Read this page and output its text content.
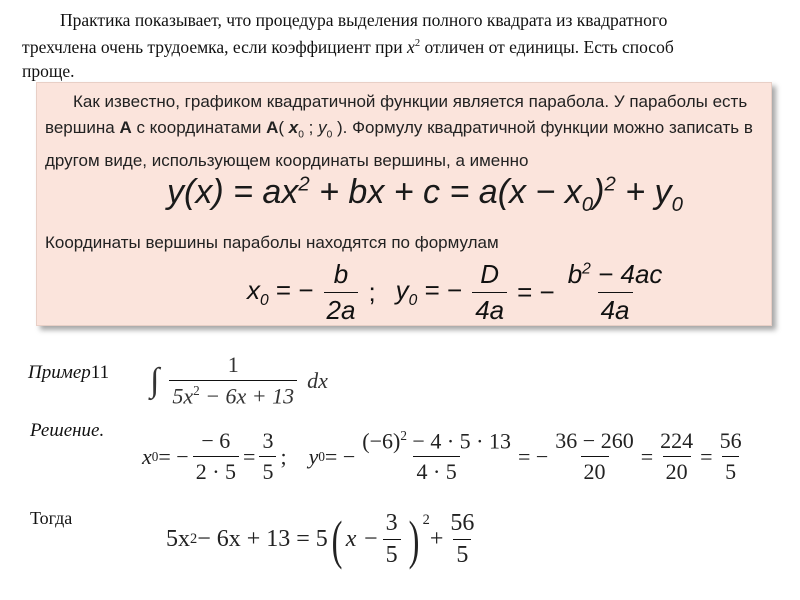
Практика показывает, что процедура выделения полного квадрата из квадратного

трехчлена очень трудоемка, если коэффициент при $x^2$ отличен от единицы. Есть способ
проще.
Как известно, графиком квадратичной функции является парабола. У параболы есть вершина А с координатами А( $x_0$ ; $y_0$ ). Формулу квадратичной функции можно записать в другом виде, использующем координаты вершины, а именно
$y(x) = ax^2$ + bx + $c = a(x - x_0)^2 + y_0$
Координаты вершины параболы находятся по формулам
$x_0$ = − $\frac{b}{2a}$ ; $y_0$ = − $\frac{D}{4a}$ = − $\frac{b^2 - 4ac}{4a}$
Пример 11 ∫ $\frac{1}{5x^2 - 6x + 13}$ dx
Решение.
x 0 = − $\frac{- 6}{2 \cdot 5} = \frac{3}{5}$ ; y 0 = − $\frac{(-6)^2 - 4 \cdot 5 \cdot 13}{4 \cdot 5}$ = − $\frac{36 - 260}{20} = \frac{224}{20} = \frac{56}{5}$
Тогда
5x 2 − 6x + 13 = 5 ( $x - \frac{3}{5} )^2$
+ $\frac{56}{5}$
